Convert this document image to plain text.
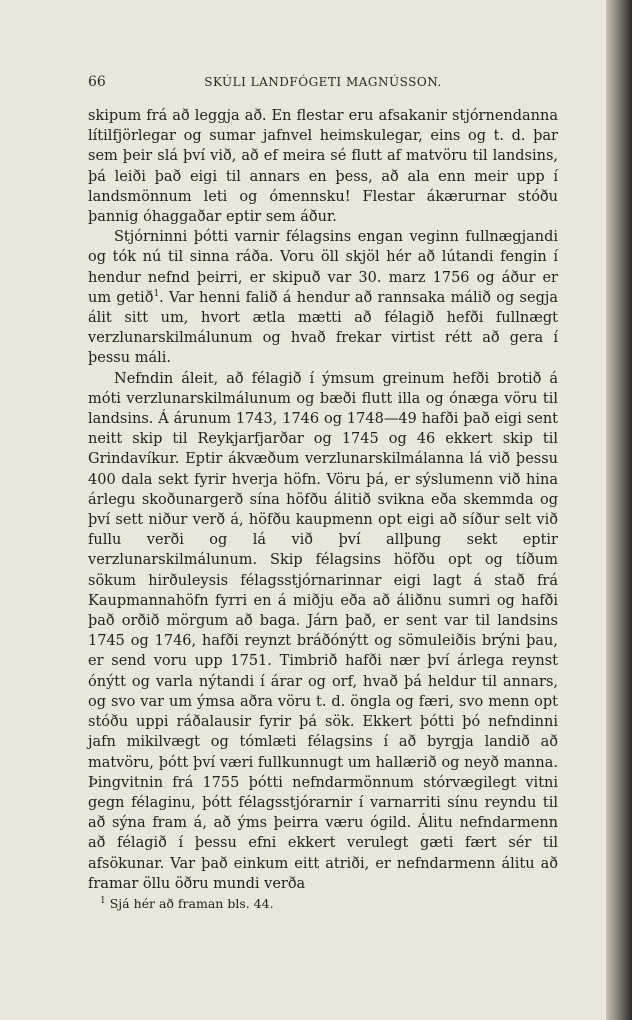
66	SKÚLI LANDFÓGETI MAGNÚSSON.

skipum frá að leggja að. En flestar eru afsakanir stjórnendanna lítilfjörlegar og sumar jafnvel heimskulegar, eins og t. d. þar sem þeir slá því við, að ef meira sé flutt af matvöru til landsins, þá leiði það eigi til annars en þess, að ala enn meir upp í landsmönnum leti og ómennsku! Flestar ákærurnar stóðu þannig óhaggaðar eptir sem áður.

Stjórninni þótti varnir félagsins engan veginn fullnægjandi og tók nú til sinna ráða. Voru öll skjöl hér að lútandi fengin í hendur nefnd þeirri, er skipuð var 30. marz 1756 og áður er um getið$^1$. Var henni falið á hendur að rannsaka málið og segja álit sitt um, hvort ætla mætti að félagið hefði fullnægt verzlunarskilmálunum og hvað frekar virtist rétt að gera í þessu máli.

Nefndin áleit, að félagið í ýmsum greinum hefði brotið á móti verzlunarskilmálunum og bæði flutt illa og ónæga vöru til landsins. Á árunum 1743, 1746 og 1748—49 hafði það eigi sent neitt skip til Reykjarfjarðar og 1745 og 46 ekkert skip til Grindavíkur. Eptir ákvæðum verzlunarskilmálanna lá við þessu 400 dala sekt fyrir hverja höfn. Vöru þá, er sýslumenn við hina árlegu skoðunargerð sína höfðu álitið svikna eða skemmda og því sett niður verð á, höfðu kaupmenn opt eigi að síður selt við fullu verði og lá við því allþung sekt eptir verzlunarskilmálunum. Skip félagsins höfðu opt og tíðum sökum hirðuleysis félagsstjórnarinnar eigi lagt á stað frá Kaupmannahöfn fyrri en á miðju eða að áliðnu sumri og hafði það orðið mörgum að baga. Járn það, er sent var til landsins 1745 og 1746, hafði reynzt bráðónýtt og sömuleiðis brýni þau, er send voru upp 1751. Timbrið hafði nær því árlega reynst ónýtt og varla nýtandi í árar og orf, hvað þá heldur til annars, og svo var um ýmsa aðra vöru t. d. öngla og færi, svo menn opt stóðu uppi ráðalausir fyrir þá sök. Ekkert þótti þó nefndinni jafn mikilvægt og tómlæti félagsins í að byrgja landið að matvöru, þótt því væri fullkunnugt um hallærið og neyð manna. Þingvitnin frá 1755 þótti nefndarmönnum stórvægilegt vitni gegn félaginu, þótt félagsstjórarnir í varnarriti sínu reyndu til að sýna fram á, að ýms þeirra væru ógild. Álitu nefndarmenn að félagið í þessu efni ekkert verulegt gæti fært sér til afsökunar. Var það einkum eitt atriði, er nefndarmenn álitu að framar öllu öðru mundi verða

$^1$ Sjá hér að framan bls. 44.
